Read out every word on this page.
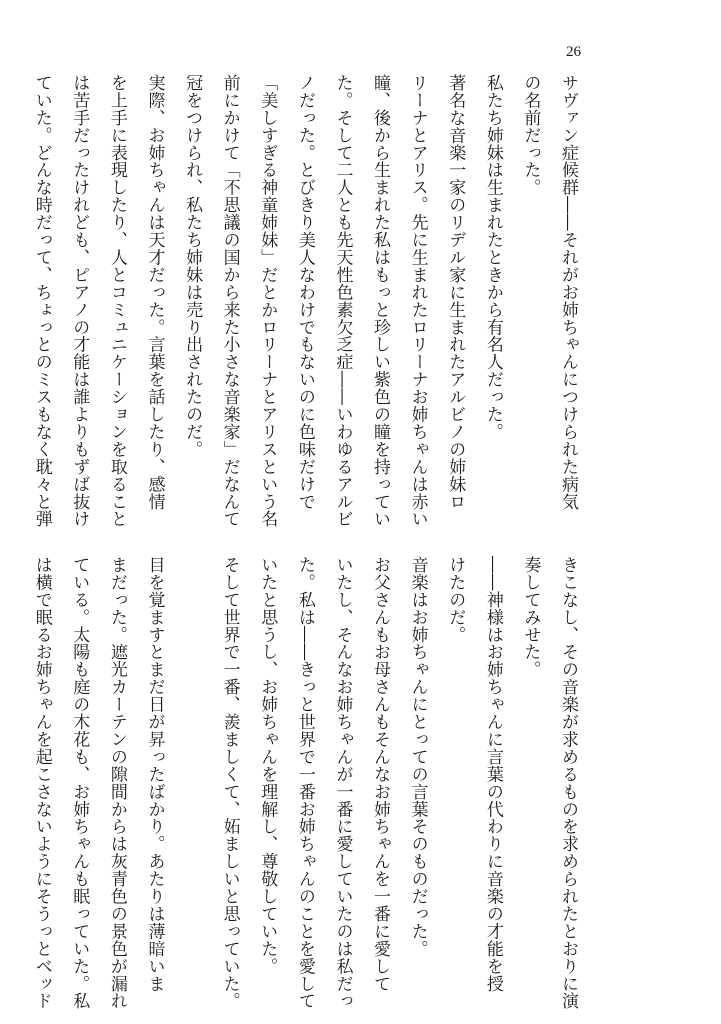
26

サヴァン症候群――それがお姉ちゃんにつけられた病気

の名前だった。

私たち姉妹は生まれたときから有名人だった。

著名な音楽一家のリデル家に生まれたアルビノの姉妹ロ

リーナとアリス。先に生まれたロリーナお姉ちゃんは赤い

瞳、後から生まれた私はもっと珍しい紫色の瞳を持ってい

た。そして二人とも先天性色素欠乏症――いわゆるアルビ

ノだった。とびきり美人なわけでもないのに色味だけで

「美しすぎる神童姉妹」だとかロリーナとアリスという名

前にかけて「不思議の国から来た小さな音楽家」だなんて

冠をつけられ、私たち姉妹は売り出されたのだ。

実際、お姉ちゃんは天才だった。言葉を話したり、感情

を上手に表現したり、人とコミュニケーションを取ること

は苦手だったけれども、ピアノの才能は誰よりもずば抜け

ていた。どんな時だって、ちょっとのミスもなく耽々と弾

きこなし、その音楽が求めるものを求められたとおりに演

奏してみせた。

――神様はお姉ちゃんに言葉の代わりに音楽の才能を授

けたのだ。

音楽はお姉ちゃんにとっての言葉そのものだった。

お父さんもお母さんもそんなお姉ちゃんを一番に愛して

いたし、そんなお姉ちゃんが一番に愛していたのは私だっ

た。私は――きっと世界で一番お姉ちゃんのことを愛して

いたと思うし、お姉ちゃんを理解し、尊敬していた。

そして世界で一番、羨ましくて、妬ましいと思っていた。

目を覚ますとまだ日が昇ったばかり。あたりは薄暗いま

まだった。遮光カーテンの隙間からは灰青色の景色が漏れ

ている。太陽も庭の木花も、お姉ちゃんも眠っていた。私

は横で眠るお姉ちゃんを起こさないようにそうっとベッド
